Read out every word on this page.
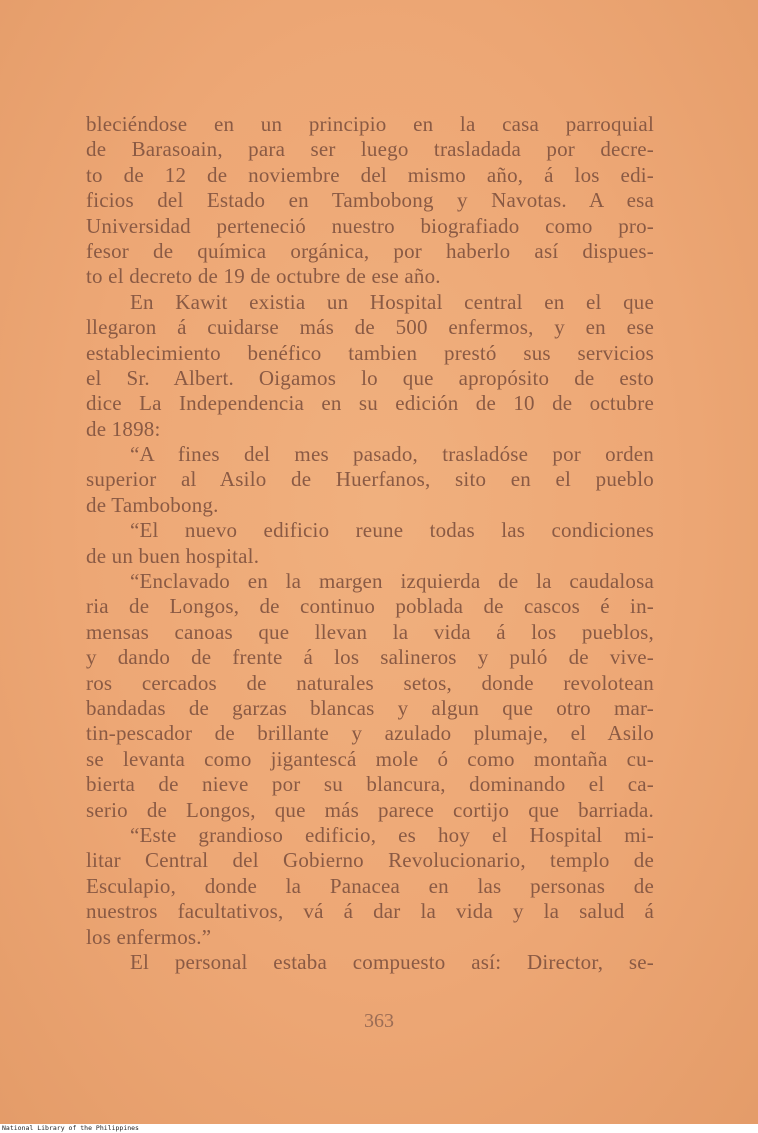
bleciéndose en un principio en la casa parroquial
de Barasoain, para ser luego trasladada por decre-
to de 12 de noviembre del mismo año, á los edi-
ficios del Estado en Tambobong y Navotas. A esa
Universidad perteneció nuestro biografiado como pro-
fesor de química orgánica, por haberlo así dispues-
to el decreto de 19 de octubre de ese año.
En Kawit existia un Hospital central en el que
llegaron á cuidarse más de 500 enfermos, y en ese
establecimiento benéfico tambien prestó sus servicios
el Sr. Albert. Oigamos lo que apropósito de esto
dice La Independencia en su edición de 10 de octubre
de 1898:
“A fines del mes pasado, trasladóse por orden
superior al Asilo de Huerfanos, sito en el pueblo
de Tambobong.
“El nuevo edificio reune todas las condiciones
de un buen hospital.
“Enclavado en la margen izquierda de la caudalosa
ria de Longos, de continuo poblada de cascos é in-
mensas canoas que llevan la vida á los pueblos,
y dando de frente á los salineros y puló de vive-
ros cercados de naturales setos, donde revolotean
bandadas de garzas blancas y algun que otro mar-
tin-pescador de brillante y azulado plumaje, el Asilo
se levanta como jigantescá mole ó como montaña cu-
bierta de nieve por su blancura, dominando el ca-
serio de Longos, que más parece cortijo que barriada.
“Este grandioso edificio, es hoy el Hospital mi-
litar Central del Gobierno Revolucionario, templo de
Esculapio, donde la Panacea en las personas de
nuestros facultativos, vá á dar la vida y la salud á
los enfermos.”
El personal estaba compuesto así: Director, se-
363
National Library of the Philippines
